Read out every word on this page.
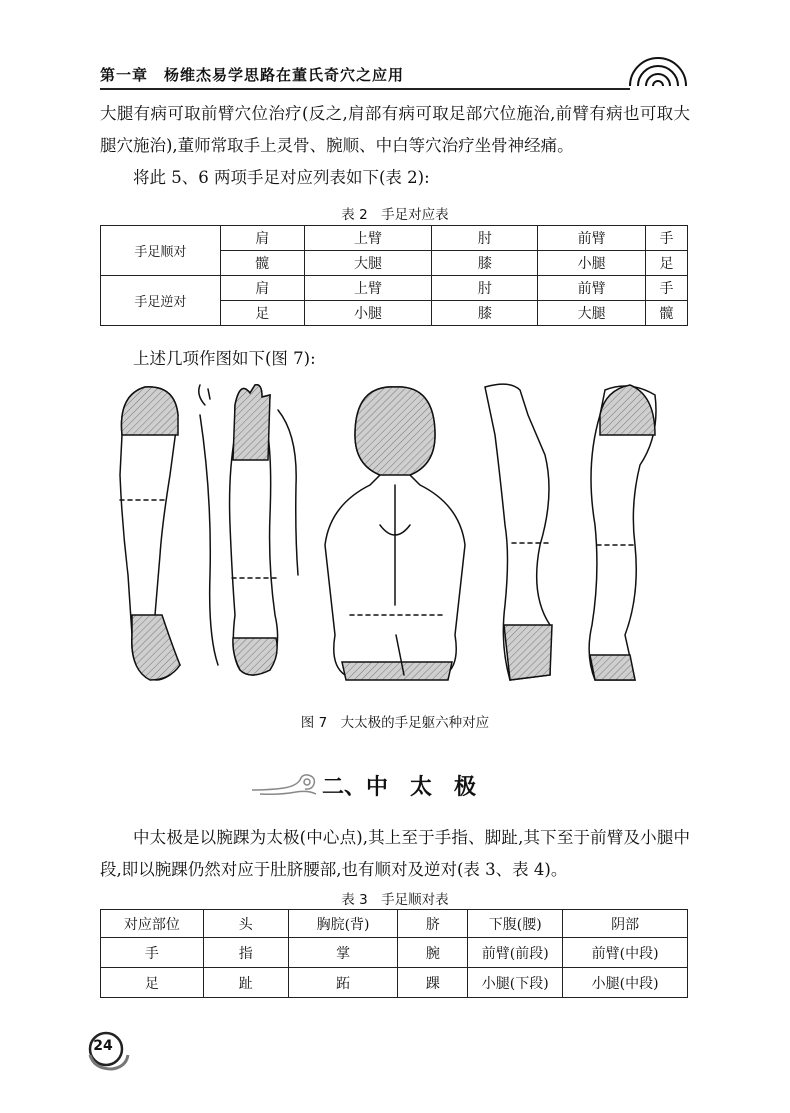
第一章　杨维杰易学思路在董氏奇穴之应用
大腿有病可取前臂穴位治疗(反之,肩部有病可取足部穴位施治,前臂有病也可取大腿穴施治),董师常取手上灵骨、腕顺、中白等穴治疗坐骨神经痛。
将此 5、6 两项手足对应列表如下(表 2):
表 2　手足对应表
手足顺对	肩	上臂	肘	前臂	手
	髋	大腿	膝	小腿	足
手足逆对	肩	上臂	肘	前臂	手
	足	小腿	膝	大腿	髋
上述几项作图如下(图 7):
图 7　大太极的手足躯六种对应
二、中　太　极
中太极是以腕踝为太极(中心点),其上至于手指、脚趾,其下至于前臂及小腿中段,即以腕踝仍然对应于肚脐腰部,也有顺对及逆对(表 3、表 4)。
表 3　手足顺对表
对应部位	头	胸脘(背)	脐	下腹(腰)	阴部
手	指	掌	腕	前臂(前段)	前臂(中段)
足	趾	跖	踝	小腿(下段)	小腿(中段)
24
